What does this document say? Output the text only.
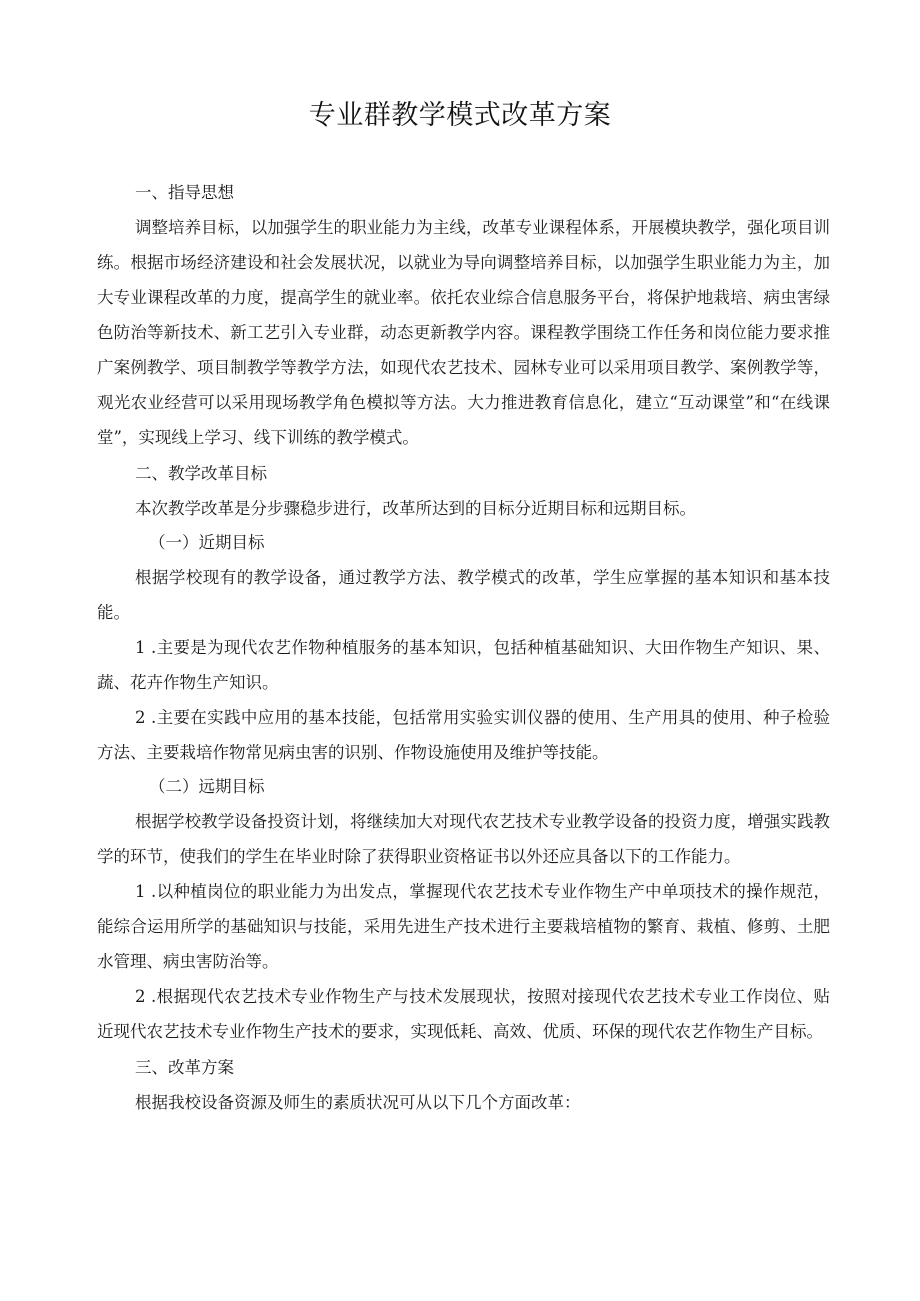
专业群教学模式改革方案
一、指导思想

调整培养目标，以加强学生的职业能力为主线，改革专业课程体系，开展模块教学，强化项目训练。根据市场经济建设和社会发展状况，以就业为导向调整培养目标，以加强学生职业能力为主，加大专业课程改革的力度，提高学生的就业率。依托农业综合信息服务平台，将保护地栽培、病虫害绿色防治等新技术、新工艺引入专业群，动态更新教学内容。课程教学围绕工作任务和岗位能力要求推广案例教学、项目制教学等教学方法，如现代农艺技术、园林专业可以采用项目教学、案例教学等，观光农业经营可以采用现场教学角色模拟等方法。大力推进教育信息化，建立“互动课堂”和“在线课堂”，实现线上学习、线下训练的教学模式。

二、教学改革目标

本次教学改革是分步骤稳步进行，改革所达到的目标分近期目标和远期目标。

（一）近期目标

根据学校现有的教学设备，通过教学方法、教学模式的改革，学生应掌握的基本知识和基本技能。

1 .主要是为现代农艺作物种植服务的基本知识，包括种植基础知识、大田作物生产知识、果、蔬、花卉作物生产知识。

2 .主要在实践中应用的基本技能，包括常用实验实训仪器的使用、生产用具的使用、种子检验方法、主要栽培作物常见病虫害的识别、作物设施使用及维护等技能。

（二）远期目标

根据学校教学设备投资计划，将继续加大对现代农艺技术专业教学设备的投资力度，增强实践教学的环节，使我们的学生在毕业时除了获得职业资格证书以外还应具备以下的工作能力。

1 .以种植岗位的职业能力为出发点，掌握现代农艺技术专业作物生产中单项技术的操作规范，能综合运用所学的基础知识与技能，采用先进生产技术进行主要栽培植物的繁育、栽植、修剪、土肥水管理、病虫害防治等。

2 .根据现代农艺技术专业作物生产与技术发展现状，按照对接现代农艺技术专业工作岗位、贴近现代农艺技术专业作物生产技术的要求，实现低耗、高效、优质、环保的现代农艺作物生产目标。

三、改革方案

根据我校设备资源及师生的素质状况可从以下几个方面改革：
